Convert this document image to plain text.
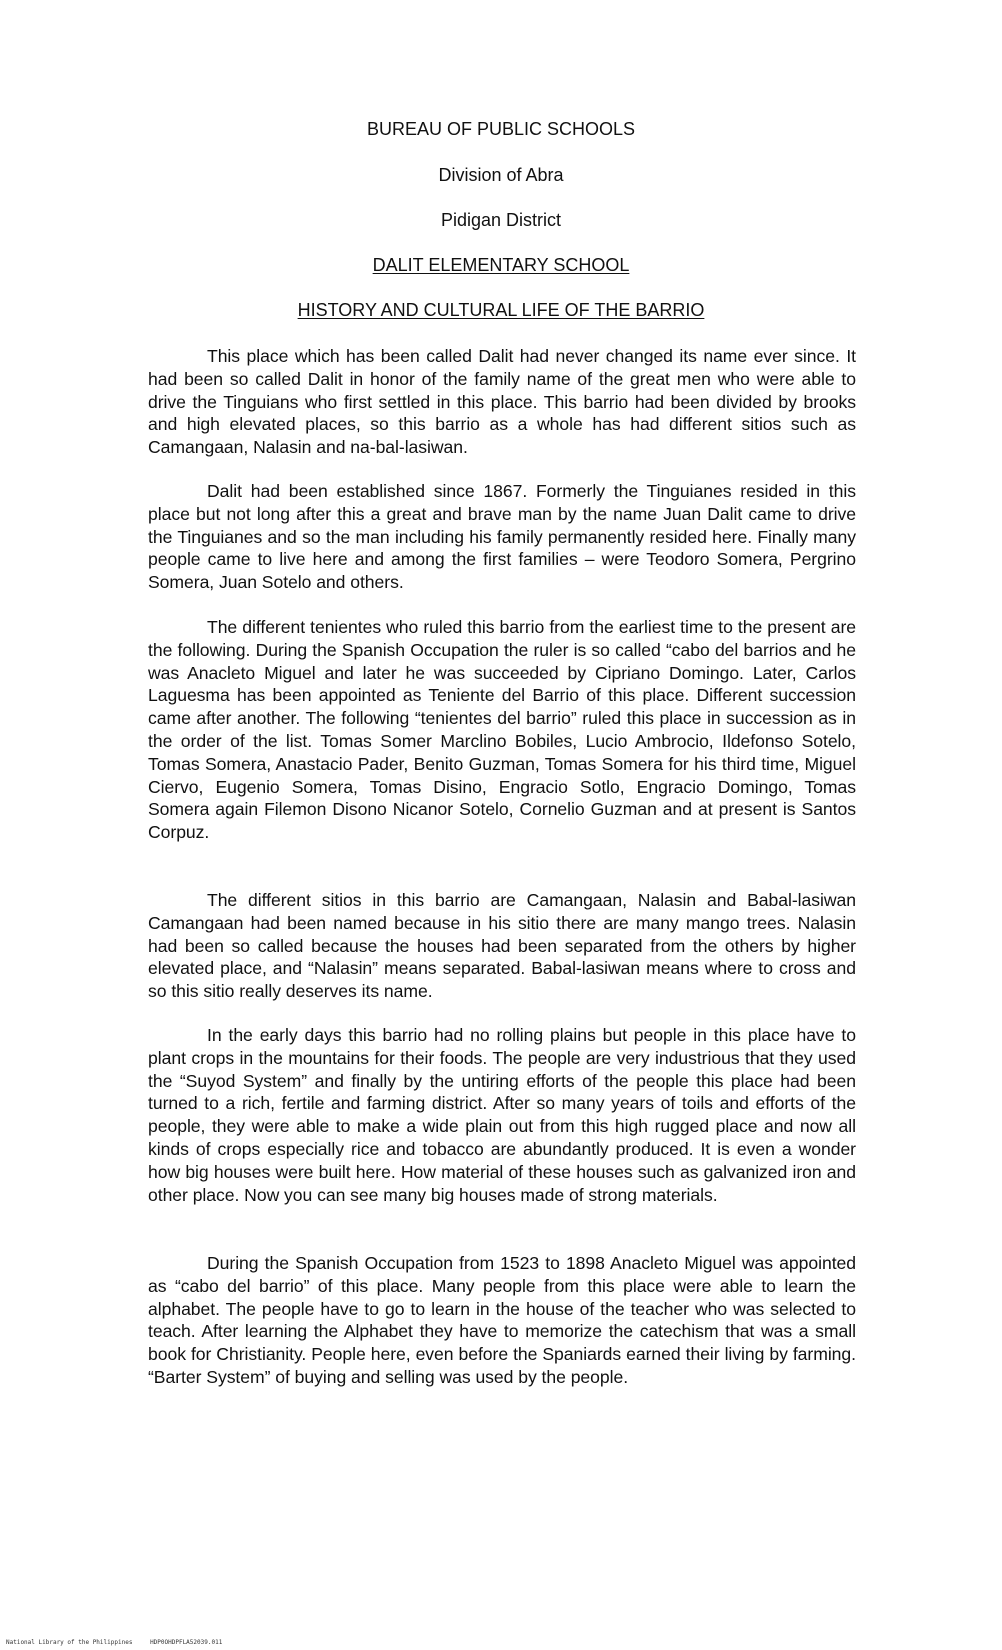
BUREAU OF PUBLIC SCHOOLS
Division of Abra
Pidigan District
DALIT ELEMENTARY SCHOOL
HISTORY AND CULTURAL LIFE OF THE BARRIO

This place which has been called Dalit had never changed its name ever since. It had been so called Dalit in honor of the family name of the great men who were able to drive the Tinguians who first settled in this place. This barrio had been divided by brooks and high elevated places, so this barrio as a whole has had different sitios such as Camangaan, Nalasin and na-bal-lasiwan.

Dalit had been established since 1867. Formerly the Tinguianes resided in this place but not long after this a great and brave man by the name Juan Dalit came to drive the Tinguianes and so the man including his family permanently resided here. Finally many people came to live here and among the first families – were Teodoro Somera, Pergrino Somera, Juan Sotelo and others.

The different tenientes who ruled this barrio from the earliest time to the present are the following. During the Spanish Occupation the ruler is so called “cabo del barrios and he was Anacleto Miguel and later he was succeeded by Cipriano Domingo. Later, Carlos Laguesma has been appointed as Teniente del Barrio of this place. Different succession came after another. The following “tenientes del barrio” ruled this place in succession as in the order of the list. Tomas Somer Marclino Bobiles, Lucio Ambrocio, Ildefonso Sotelo, Tomas Somera, Anastacio Pader, Benito Guzman, Tomas Somera for his third time, Miguel Ciervo, Eugenio Somera, Tomas Disino, Engracio Sotlo, Engracio Domingo, Tomas Somera again Filemon Disono Nicanor Sotelo, Cornelio Guzman and at present is Santos Corpuz.

The different sitios in this barrio are Camangaan, Nalasin and Babal-lasiwan Camangaan had been named because in his sitio there are many mango trees. Nalasin had been so called because the houses had been separated from the others by higher elevated place, and “Nalasin” means separated. Babal-lasiwan means where to cross and so this sitio really deserves its name.

In the early days this barrio had no rolling plains but people in this place have to plant crops in the mountains for their foods. The people are very industrious that they used the “Suyod System” and finally by the untiring efforts of the people this place had been turned to a rich, fertile and farming district. After so many years of toils and efforts of the people, they were able to make a wide plain out from this high rugged place and now all kinds of crops especially rice and tobacco are abundantly produced. It is even a wonder how big houses were built here. How material of these houses such as galvanized iron and other place. Now you can see many big houses made of strong materials.

During the Spanish Occupation from 1523 to 1898 Anacleto Miguel was appointed as “cabo del barrio” of this place. Many people from this place were able to learn the alphabet. The people have to go to learn in the house of the teacher who was selected to teach. After learning the Alphabet they have to memorize the catechism that was a small book for Christianity. People here, even before the Spaniards earned their living by farming. “Barter System” of buying and selling was used by the people.

National Library of the Philippines	HDP0OHDPFLA52039.011
